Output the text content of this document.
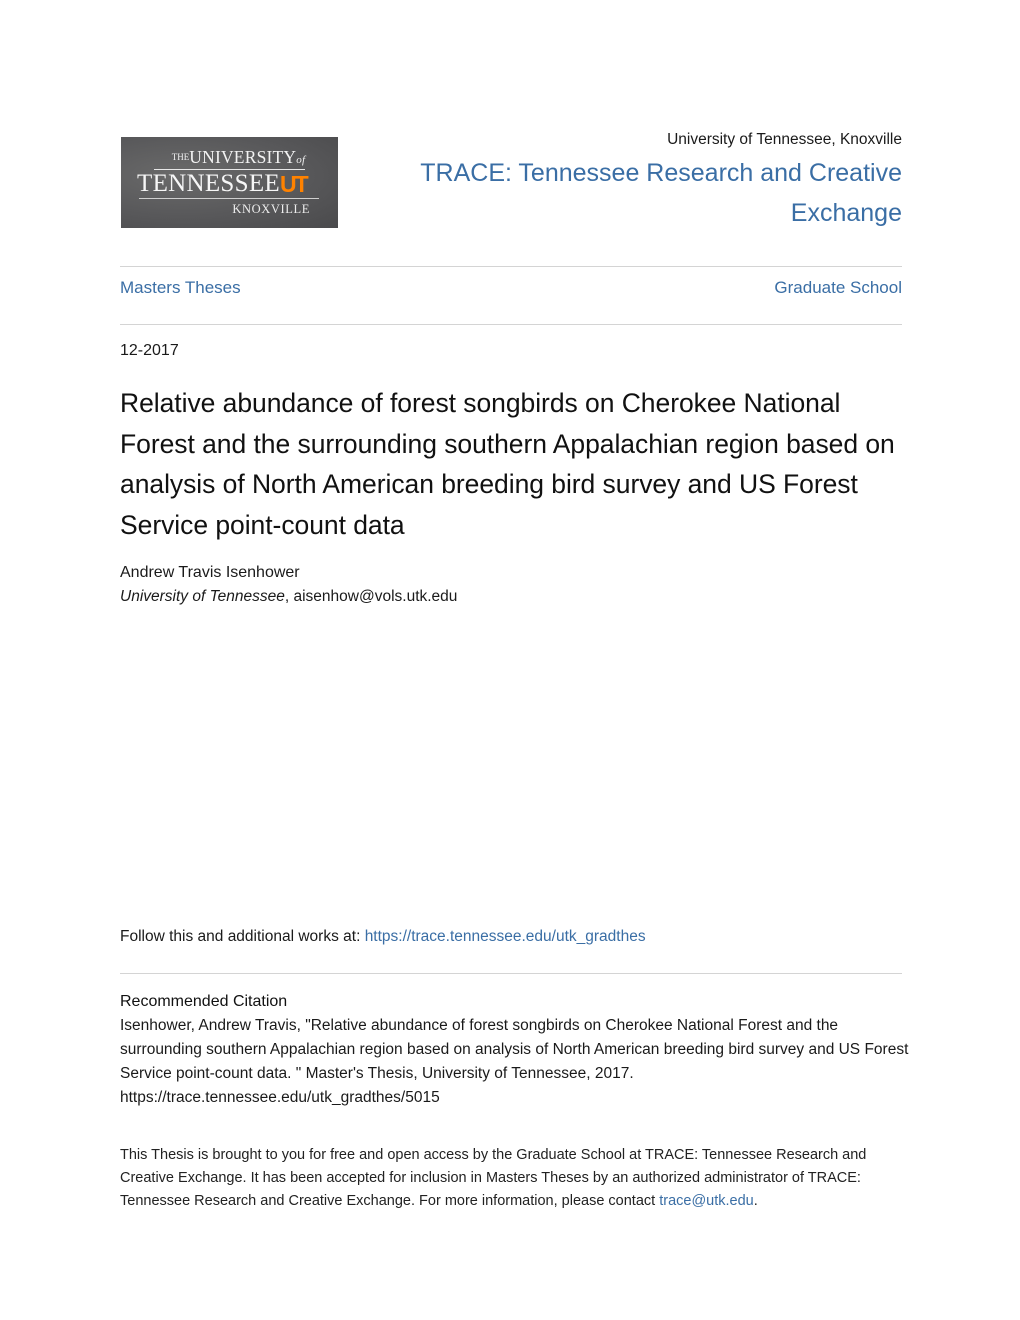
THEUNIVERSITYof
TENNESSEEUT
KNOXVILLE
University of Tennessee, Knoxville
TRACE: Tennessee Research and Creative Exchange
Masters Theses	Graduate School
12-2017
Relative abundance of forest songbirds on Cherokee National Forest and the surrounding southern Appalachian region based on analysis of North American breeding bird survey and US Forest Service point-count data
Andrew Travis Isenhower
University of Tennessee, aisenhow@vols.utk.edu
Follow this and additional works at: https://trace.tennessee.edu/utk_gradthes
Recommended Citation
Isenhower, Andrew Travis, "Relative abundance of forest songbirds on Cherokee National Forest and the surrounding southern Appalachian region based on analysis of North American breeding bird survey and US Forest Service point-count data. " Master's Thesis, University of Tennessee, 2017.
https://trace.tennessee.edu/utk_gradthes/5015
This Thesis is brought to you for free and open access by the Graduate School at TRACE: Tennessee Research and Creative Exchange. It has been accepted for inclusion in Masters Theses by an authorized administrator of TRACE: Tennessee Research and Creative Exchange. For more information, please contact trace@utk.edu.
